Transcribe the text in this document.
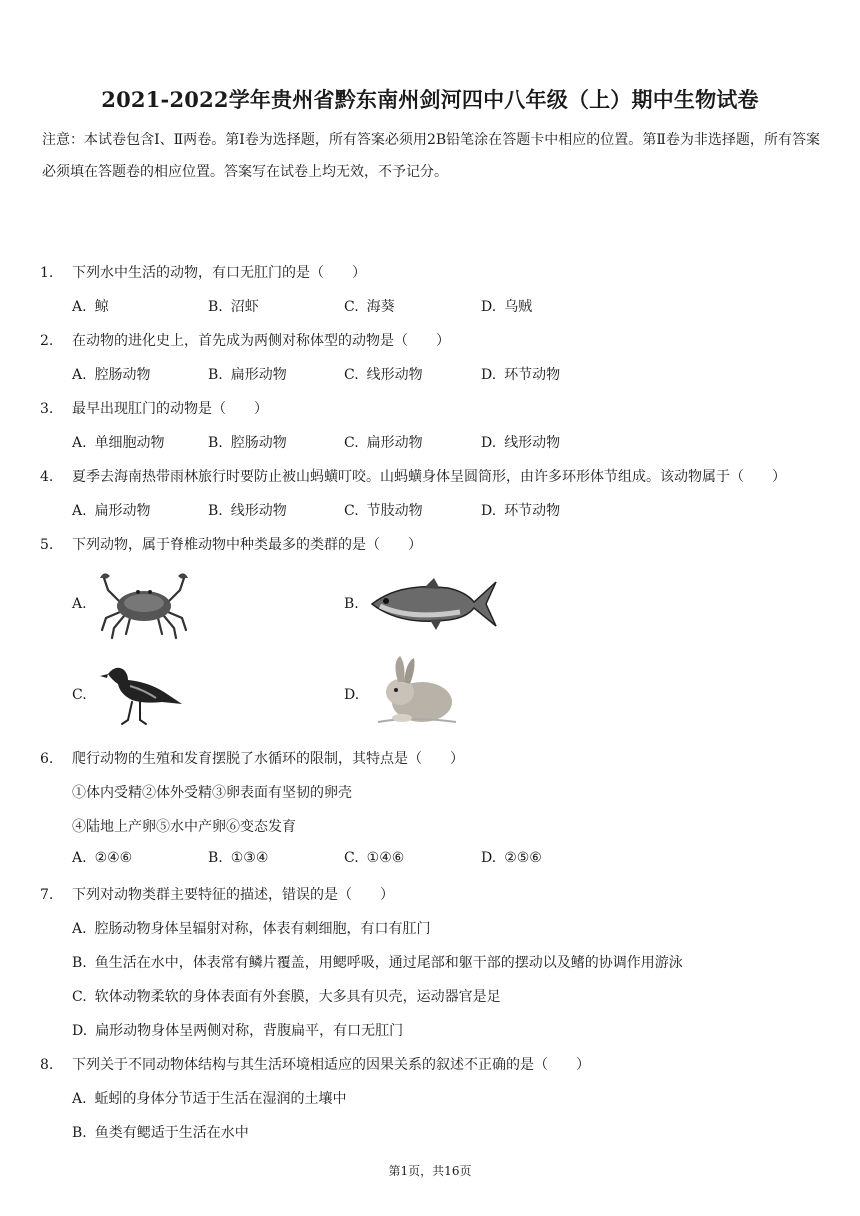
2021-2022学年贵州省黔东南州剑河四中八年级（上）期中生物试卷
注意：本试卷包含Ⅰ、Ⅱ两卷。第Ⅰ卷为选择题，所有答案必须用2B铅笔涂在答题卡中相应的位置。第Ⅱ卷为非选择题，所有答案必须填在答题卷的相应位置。答案写在试卷上均无效，不予记分。
1. 下列水中生活的动物，有口无肛门的是（　　）
A. 鲸	B. 沼虾	C. 海葵	D. 乌贼
2. 在动物的进化史上，首先成为两侧对称体型的动物是（　　）
A. 腔肠动物	B. 扁形动物	C. 线形动物	D. 环节动物
3. 最早出现肛门的动物是（　　）
A. 单细胞动物	B. 腔肠动物	C. 扁形动物	D. 线形动物
4. 夏季去海南热带雨林旅行时要防止被山蚂蟥叮咬。山蚂蟥身体呈圆筒形，由许多环形体节组成。该动物属于（　　）
A. 扁形动物	B. 线形动物	C. 节肢动物	D. 环节动物
5. 下列动物，属于脊椎动物中种类最多的类群的是（　　）
A.	B.
C.	D.
6. 爬行动物的生殖和发育摆脱了水循环的限制，其特点是（　　）
①体内受精②体外受精③卵表面有坚韧的卵壳
④陆地上产卵⑤水中产卵⑥变态发育
A. ②④⑥	B. ①③④	C. ①④⑥	D. ②⑤⑥
7. 下列对动物类群主要特征的描述，错误的是（　　）
A. 腔肠动物身体呈辐射对称，体表有刺细胞，有口有肛门
B. 鱼生活在水中，体表常有鳞片覆盖，用鳃呼吸，通过尾部和躯干部的摆动以及鳍的协调作用游泳
C. 软体动物柔软的身体表面有外套膜，大多具有贝壳，运动器官是足
D. 扁形动物身体呈两侧对称，背腹扁平，有口无肛门
8. 下列关于不同动物体结构与其生活环境相适应的因果关系的叙述不正确的是（　　）
A. 蚯蚓的身体分节适于生活在湿润的土壤中
B. 鱼类有鳃适于生活在水中
第1页，共16页
